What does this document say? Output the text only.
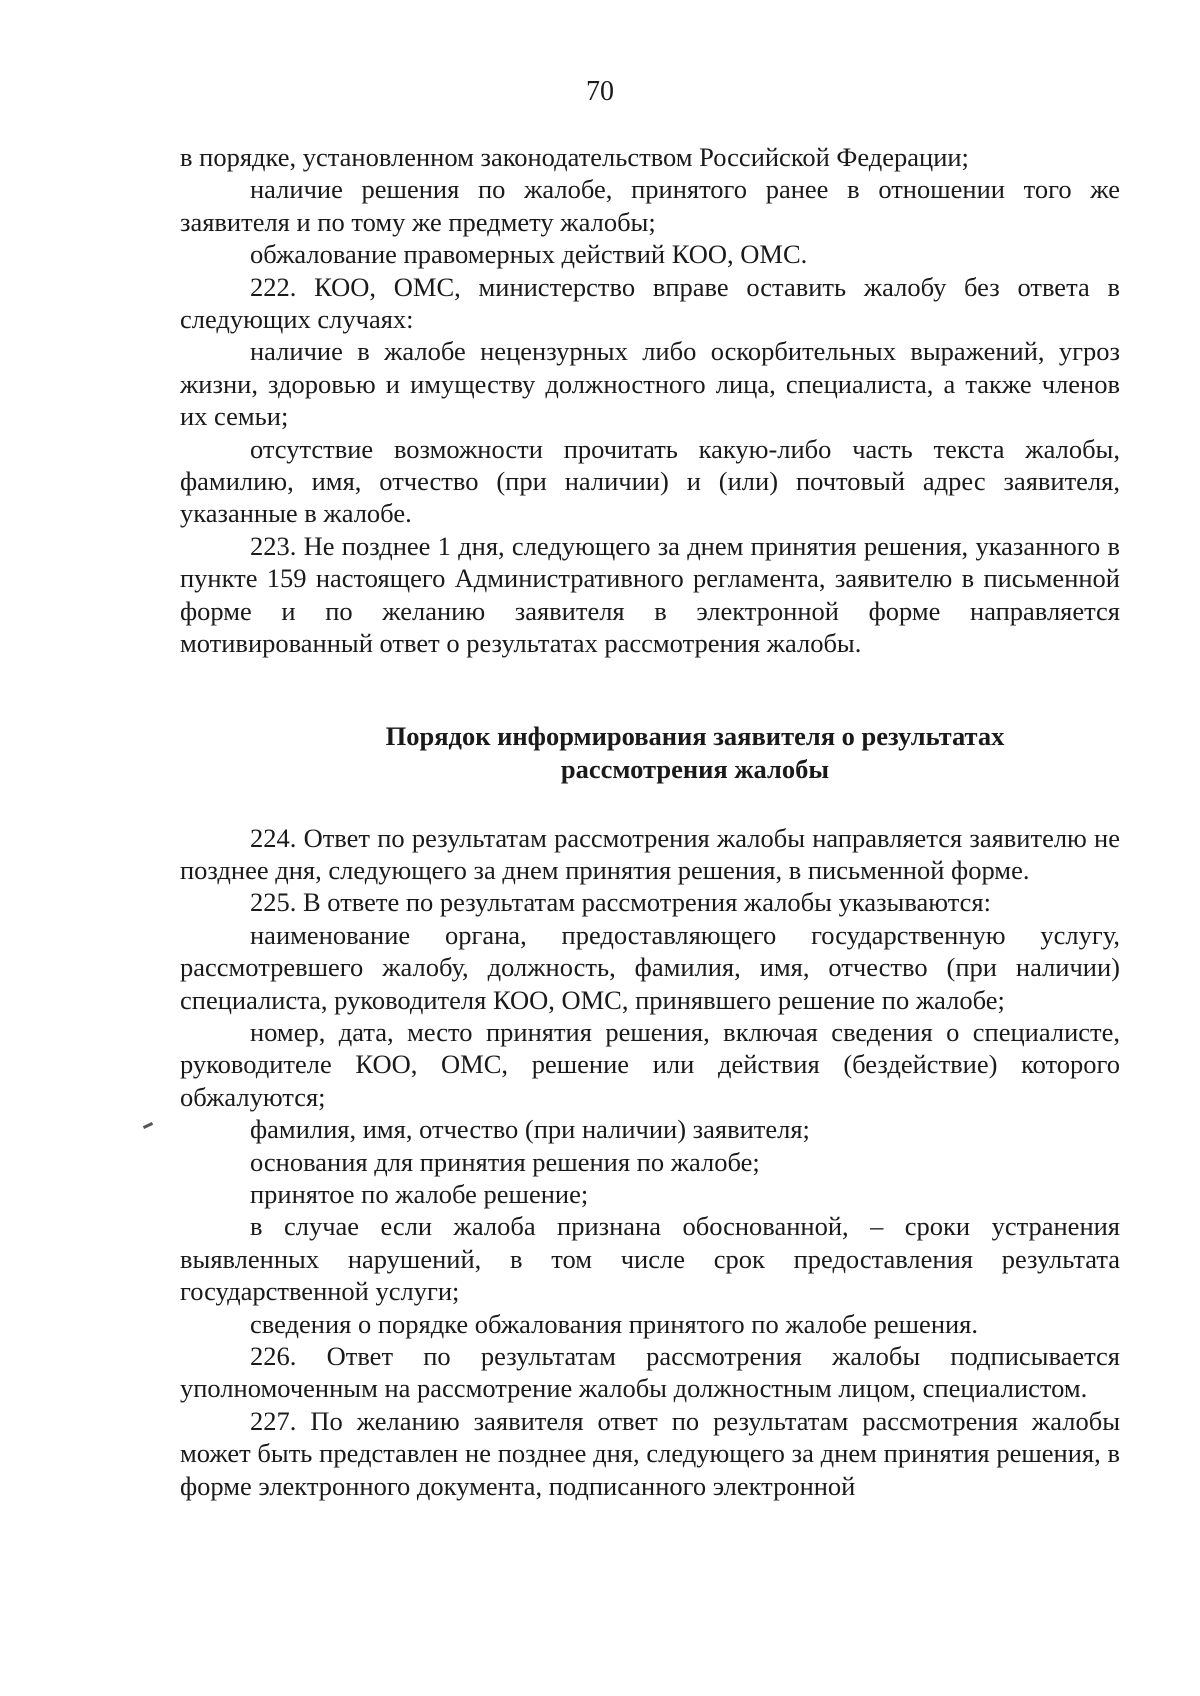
70

в порядке, установленном законодательством Российской Федерации;

наличие решения по жалобе, принятого ранее в отношении того же заявителя и по тому же предмету жалобы;

обжалование правомерных действий КОО, ОМС.

222. КОО, ОМС, министерство вправе оставить жалобу без ответа в следующих случаях:

наличие в жалобе нецензурных либо оскорбительных выражений, угроз жизни, здоровью и имуществу должностного лица, специалиста, а также членов их семьи;

отсутствие возможности прочитать какую-либо часть текста жалобы, фамилию, имя, отчество (при наличии) и (или) почтовый адрес заявителя, указанные в жалобе.

223. Не позднее 1 дня, следующего за днем принятия решения, указанного в пункте 159 настоящего Административного регламента, заявителю в письменной форме и по желанию заявителя в электронной форме направляется мотивированный ответ о результатах рассмотрения жалобы.

Порядок информирования заявителя о результатах
рассмотрения жалобы

224. Ответ по результатам рассмотрения жалобы направляется заявителю не позднее дня, следующего за днем принятия решения, в письменной форме.

225. В ответе по результатам рассмотрения жалобы указываются:

наименование органа, предоставляющего государственную услугу, рассмотревшего жалобу, должность, фамилия, имя, отчество (при наличии) специалиста, руководителя КОО, ОМС, принявшего решение по жалобе;

номер, дата, место принятия решения, включая сведения о специалисте, руководителе КОО, ОМС, решение или действия (бездействие) которого обжалуются;

фамилия, имя, отчество (при наличии) заявителя;

основания для принятия решения по жалобе;

принятое по жалобе решение;

в случае если жалоба признана обоснованной, – сроки устранения выявленных нарушений, в том числе срок предоставления результата государственной услуги;

сведения о порядке обжалования принятого по жалобе решения.

226. Ответ по результатам рассмотрения жалобы подписывается уполномоченным на рассмотрение жалобы должностным лицом, специалистом.

227. По желанию заявителя ответ по результатам рассмотрения жалобы может быть представлен не позднее дня, следующего за днем принятия решения, в форме электронного документа, подписанного электронной
